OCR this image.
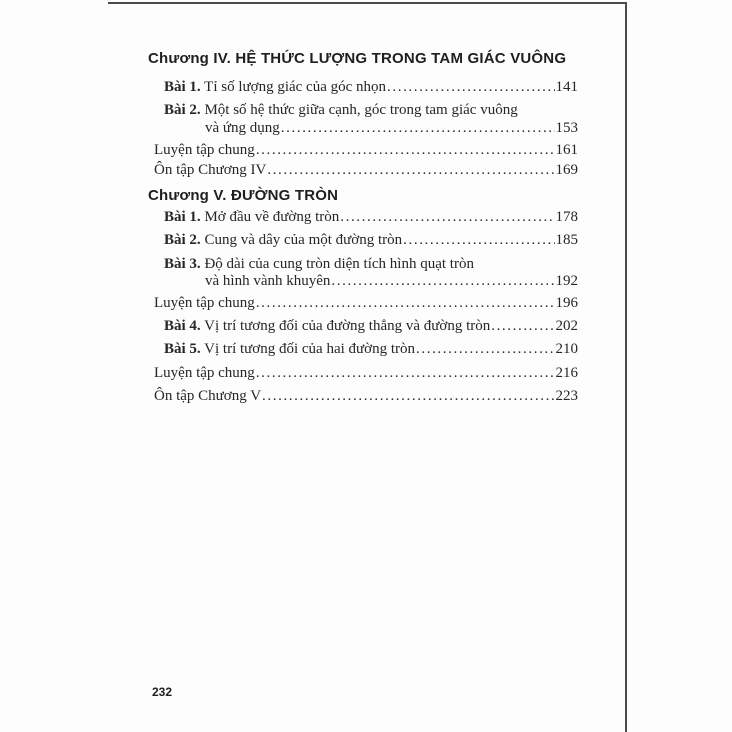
Chương IV. HỆ THỨC LƯỢNG TRONG TAM GIÁC VUÔNG
Bài 1. Tỉ số lượng giác của góc nhọn .....	141
Bài 2. Một số hệ thức giữa cạnh, góc trong tam giác vuông
và ứng dụng .....	153
Luyện tập chung .....	161
Ôn tập Chương IV .....	169
Chương V. ĐƯỜNG TRÒN
Bài 1. Mở đầu về đường tròn .....	178
Bài 2. Cung và dây của một đường tròn .....	185
Bài 3. Độ dài của cung tròn diện tích hình quạt tròn
và hình vành khuyên .....	192
Luyện tập chung .....	196
Bài 4. Vị trí tương đối của đường thẳng và đường tròn .....	202
Bài 5. Vị trí tương đối của hai đường tròn .....	210
Luyện tập chung .....	216
Ôn tập Chương V .....	223
232
